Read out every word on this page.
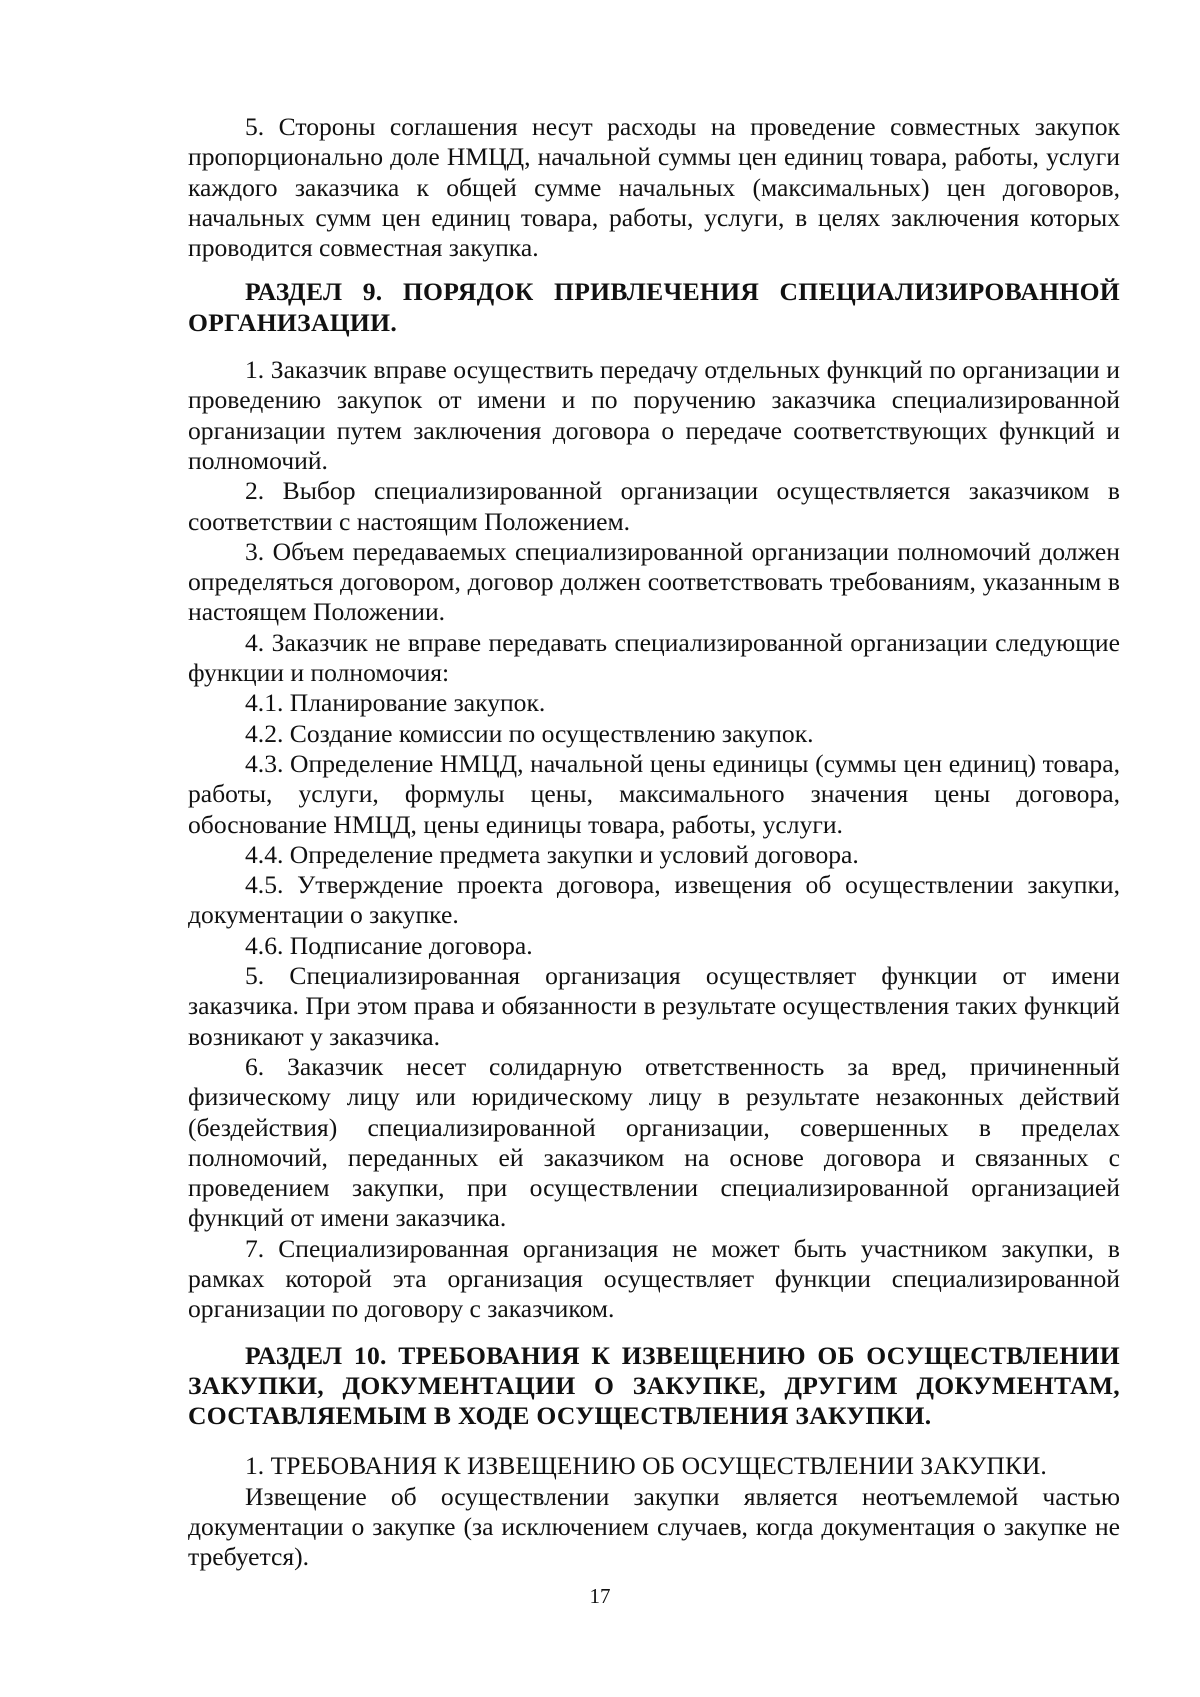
5. Стороны соглашения несут расходы на проведение совместных закупок пропорционально доле НМЦД, начальной суммы цен единиц товара, работы, услуги каждого заказчика к общей сумме начальных (максимальных) цен договоров, начальных сумм цен единиц товара, работы, услуги, в целях заключения которых проводится совместная закупка.

РАЗДЕЛ 9. ПОРЯДОК ПРИВЛЕЧЕНИЯ СПЕЦИАЛИЗИРОВАННОЙ ОРГАНИЗАЦИИ.

1. Заказчик вправе осуществить передачу отдельных функций по организации и проведению закупок от имени и по поручению заказчика специализированной организации путем заключения договора о передаче соответствующих функций и полномочий.

2. Выбор специализированной организации осуществляется заказчиком в соответствии с настоящим Положением.

3. Объем передаваемых специализированной организации полномочий должен определяться договором, договор должен соответствовать требованиям, указанным в настоящем Положении.

4. Заказчик не вправе передавать специализированной организации следующие функции и полномочия:

4.1. Планирование закупок.

4.2. Создание комиссии по осуществлению закупок.

4.3. Определение НМЦД, начальной цены единицы (суммы цен единиц) товара, работы, услуги, формулы цены, максимального значения цены договора, обоснование НМЦД, цены единицы товара, работы, услуги.

4.4. Определение предмета закупки и условий договора.

4.5. Утверждение проекта договора, извещения об осуществлении закупки, документации о закупке.

4.6. Подписание договора.

5. Специализированная организация осуществляет функции от имени заказчика. При этом права и обязанности в результате осуществления таких функций возникают у заказчика.

6. Заказчик несет солидарную ответственность за вред, причиненный физическому лицу или юридическому лицу в результате незаконных действий (бездействия) специализированной организации, совершенных в пределах полномочий, переданных ей заказчиком на основе договора и связанных с проведением закупки, при осуществлении специализированной организацией функций от имени заказчика.

7. Специализированная организация не может быть участником закупки, в рамках которой эта организация осуществляет функции специализированной организации по договору с заказчиком.

РАЗДЕЛ 10. ТРЕБОВАНИЯ К ИЗВЕЩЕНИЮ ОБ ОСУЩЕСТВЛЕНИИ ЗАКУПКИ, ДОКУМЕНТАЦИИ О ЗАКУПКЕ, ДРУГИМ ДОКУМЕНТАМ, СОСТАВЛЯЕМЫМ В ХОДЕ ОСУЩЕСТВЛЕНИЯ ЗАКУПКИ.

1. ТРЕБОВАНИЯ К ИЗВЕЩЕНИЮ ОБ ОСУЩЕСТВЛЕНИИ ЗАКУПКИ.

Извещение об осуществлении закупки является неотъемлемой частью документации о закупке (за исключением случаев, когда документация о закупке не требуется).

17
